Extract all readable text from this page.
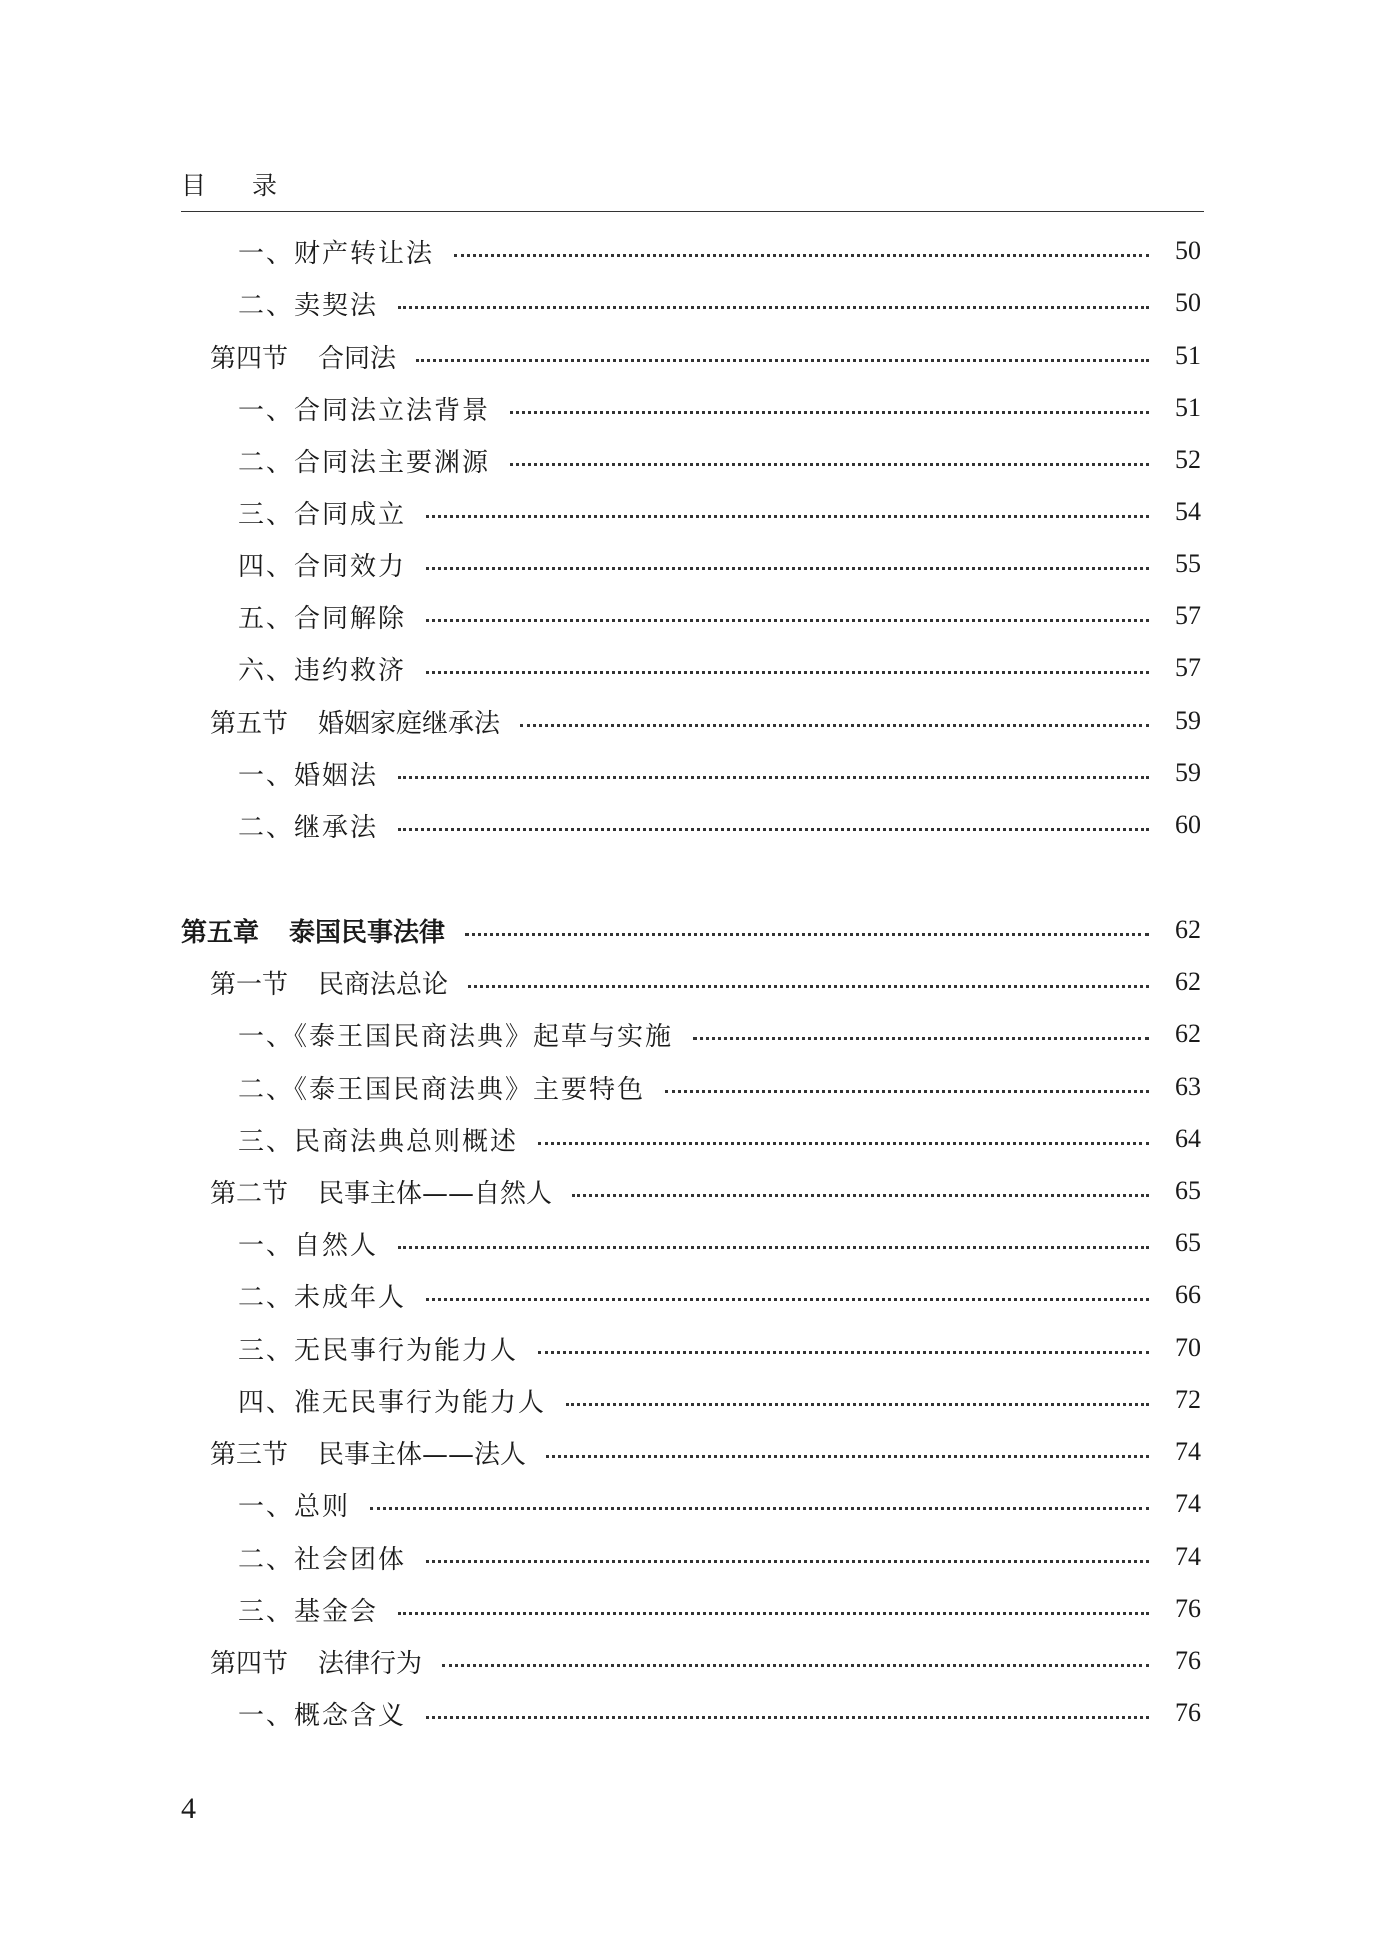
目 录
一、财产转让法	50
二、卖契法	50
第四节 合同法	51
一、合同法立法背景	51
二、合同法主要渊源	52
三、合同成立	54
四、合同效力	55
五、合同解除	57
六、违约救济	57
第五节 婚姻家庭继承法	59
一、婚姻法	59
二、继承法	60
第五章 泰国民事法律	62
第一节 民商法总论	62
一、《泰王国民商法典》起草与实施	62
二、《泰王国民商法典》主要特色	63
三、民商法典总则概述	64
第二节 民事主体——自然人	65
一、自然人	65
二、未成年人	66
三、无民事行为能力人	70
四、准无民事行为能力人	72
第三节 民事主体——法人	74
一、总则	74
二、社会团体	74
三、基金会	76
第四节 法律行为	76
一、概念含义	76
4
